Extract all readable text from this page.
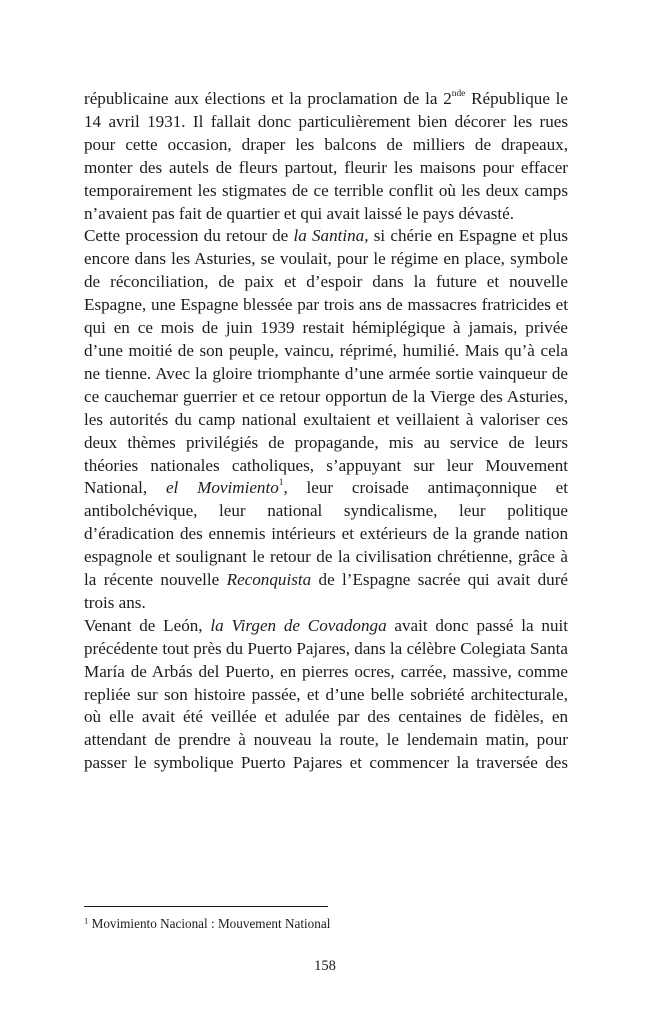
républicaine aux élections et la proclamation de la 2nde République le 14 avril 1931. Il fallait donc particulièrement bien décorer les rues pour cette occasion, draper les balcons de milliers de drapeaux, monter des autels de fleurs partout, fleurir les maisons pour effacer temporairement les stigmates de ce terrible conflit où les deux camps n’avaient pas fait de quartier et qui avait laissé le pays dévasté.

Cette procession du retour de la Santina, si chérie en Espagne et plus encore dans les Asturies, se voulait, pour le régime en place, symbole de réconciliation, de paix et d’espoir dans la future et nouvelle Espagne, une Espagne blessée par trois ans de massacres fratricides et qui en ce mois de juin 1939 restait hémiplégique à jamais, privée d’une moitié de son peuple, vaincu, réprimé, humilié. Mais qu’à cela ne tienne. Avec la gloire triomphante d’une armée sortie vainqueur de ce cauchemar guerrier et ce retour opportun de la Vierge des Asturies, les autorités du camp national exultaient et veillaient à valoriser ces deux thèmes privilégiés de propagande, mis au service de leurs théories nationales catholiques, s’appuyant sur leur Mouvement National, el Movimiento$^1$, leur croisade antimaçonnique et antibolchévique, leur national syndicalisme, leur politique d’éradication des ennemis intérieurs et extérieurs de la grande nation espagnole et soulignant le retour de la civilisation chrétienne, grâce à la récente nouvelle Reconquista de l’Espagne sacrée qui avait duré trois ans.

Venant de León, la Virgen de Covadonga avait donc passé la nuit précédente tout près du Puerto Pajares, dans la célèbre Colegiata Santa María de Arbás del Puerto, en pierres ocres, carrée, massive, comme repliée sur son histoire passée, et d’une belle sobriété architecturale, où elle avait été veillée et adulée par des centaines de fidèles, en attendant de prendre à nouveau la route, le lendemain matin, pour passer le symbolique Puerto Pajares et commencer la traversée des

$^1$ Movimiento Nacional : Mouvement National
158
